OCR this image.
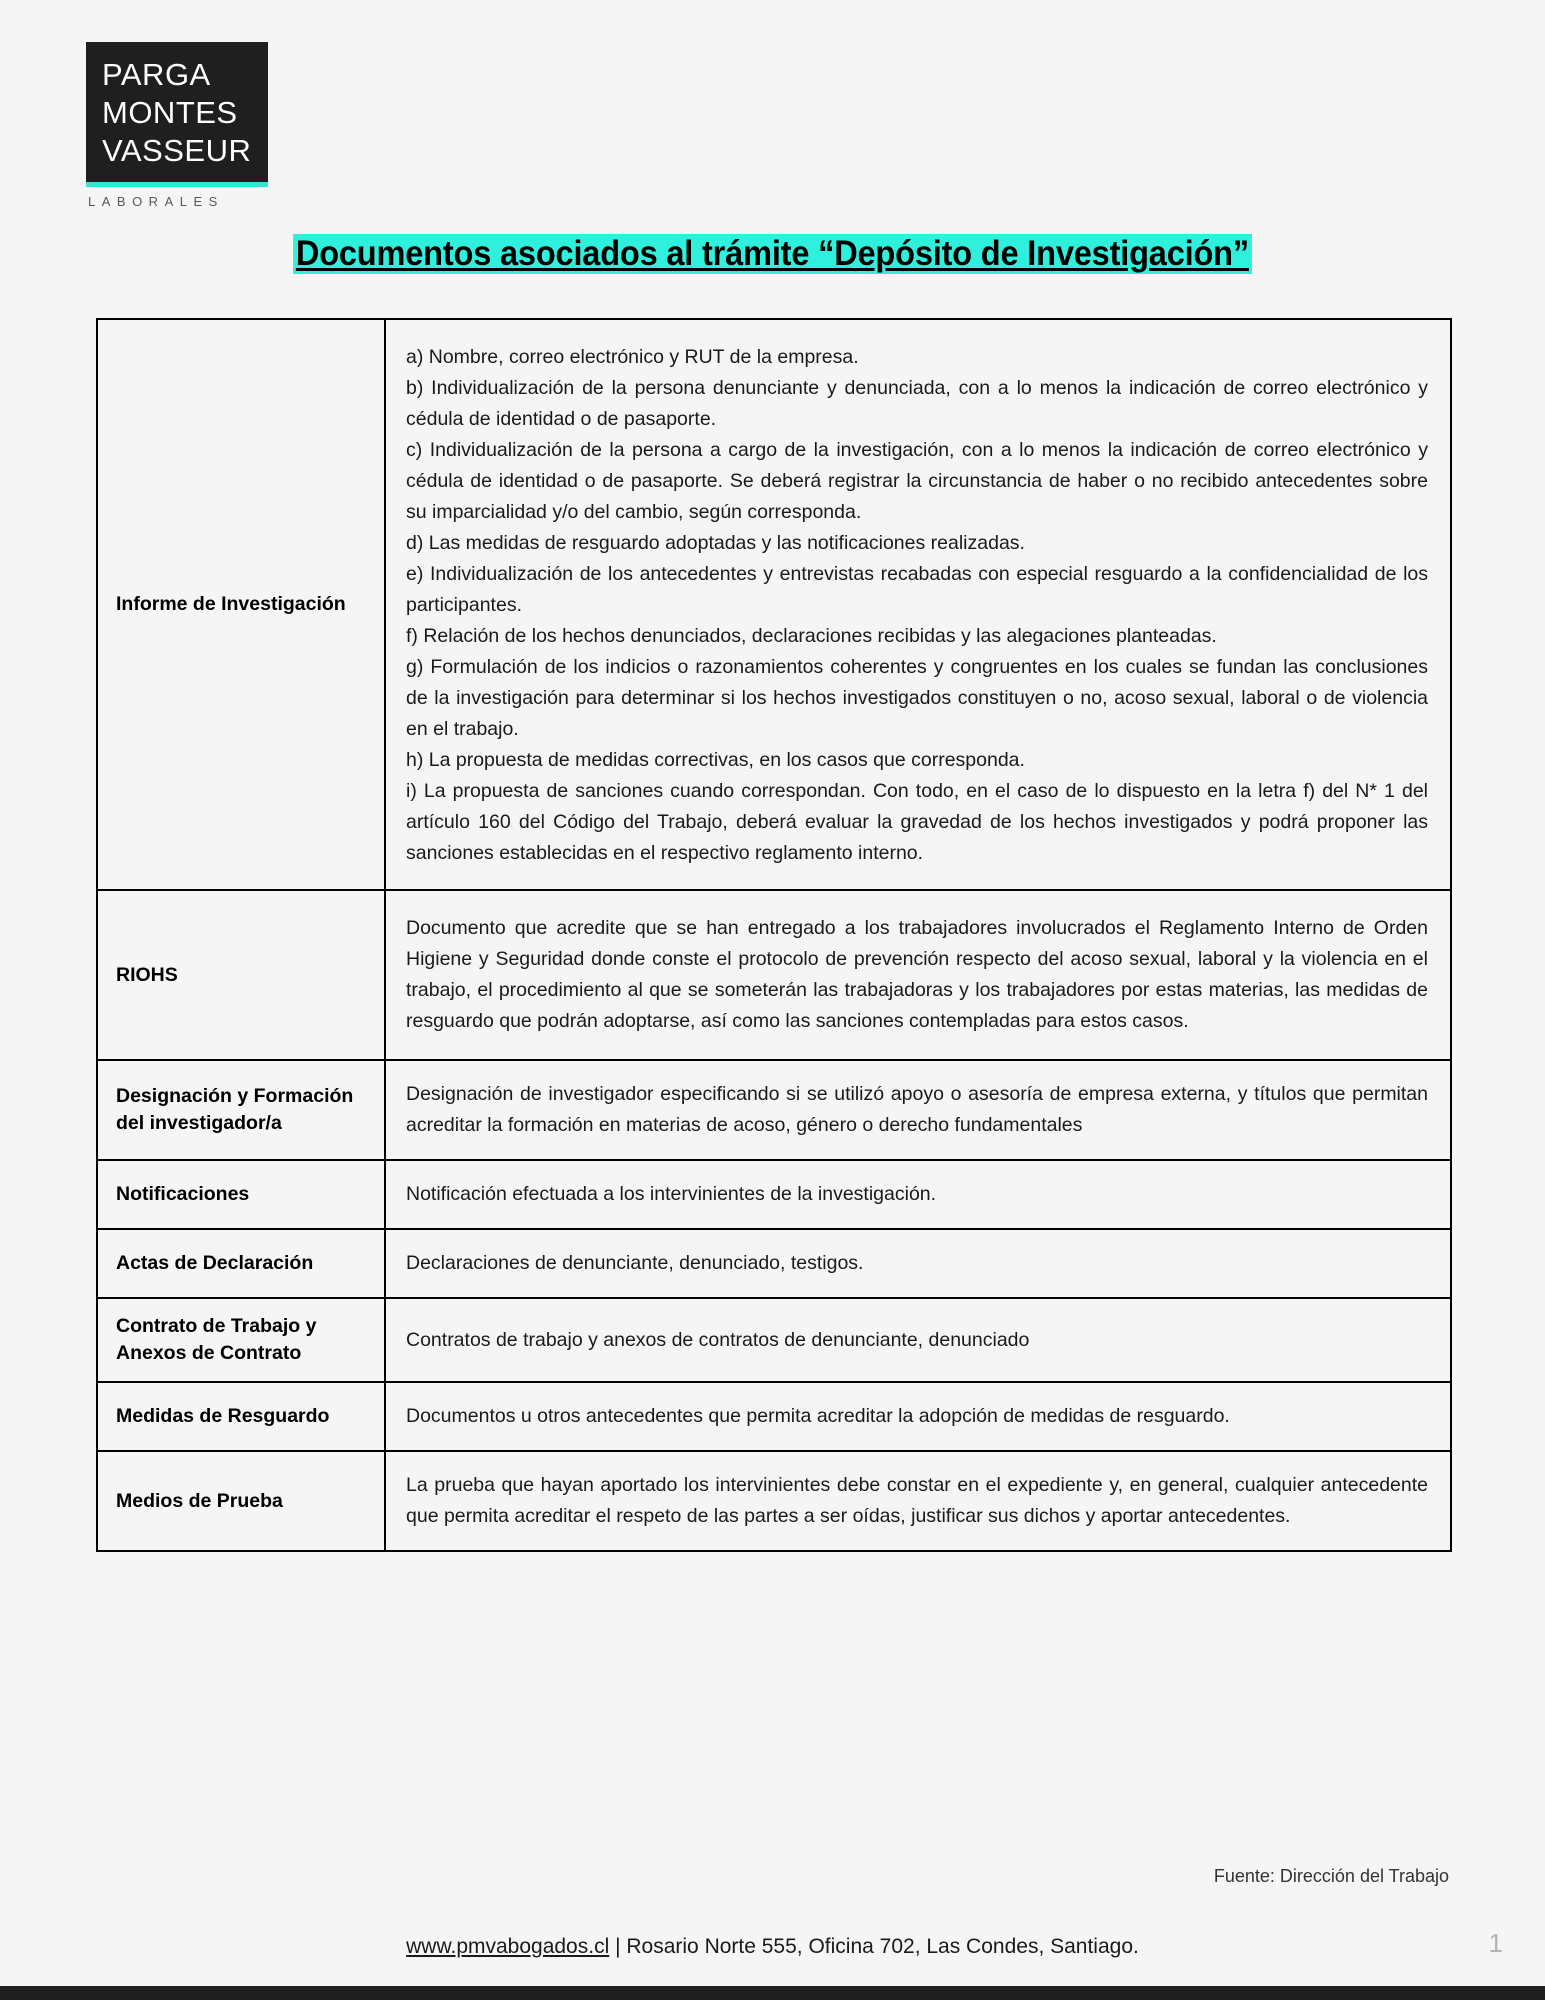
PARGA
MONTES
VASSEUR
LABORALES
Documentos asociados al trámite “Depósito de Investigación”
Informe de Investigación	

a) Nombre, correo electrónico y RUT de la empresa.

b) Individualización de la persona denunciante y denunciada, con a lo menos la indicación de correo electrónico y cédula de identidad o de pasaporte.

c) Individualización de la persona a cargo de la investigación, con a lo menos la indicación de correo electrónico y cédula de identidad o de pasaporte. Se deberá registrar la circunstancia de haber o no recibido antecedentes sobre su imparcialidad y/o del cambio, según corresponda.

d) Las medidas de resguardo adoptadas y las notificaciones realizadas.

e) Individualización de los antecedentes y entrevistas recabadas con especial resguardo a la confidencialidad de los participantes.

f) Relación de los hechos denunciados, declaraciones recibidas y las alegaciones planteadas.

g) Formulación de los indicios o razonamientos coherentes y congruentes en los cuales se fundan las conclusiones de la investigación para determinar si los hechos investigados constituyen o no, acoso sexual, laboral o de violencia en el trabajo.

h) La propuesta de medidas correctivas, en los casos que corresponda.

i) La propuesta de sanciones cuando correspondan. Con todo, en el caso de lo dispuesto en la letra f) del N* 1 del artículo 160 del Código del Trabajo, deberá evaluar la gravedad de los hechos investigados y podrá proponer las sanciones establecidas en el respectivo reglamento interno.

RIOHS	Documento que acredite que se han entregado a los trabajadores involucrados el Reglamento Interno de Orden Higiene y Seguridad donde conste el protocolo de prevención respecto del acoso sexual, laboral y la violencia en el trabajo, el procedimiento al que se someterán las trabajadoras y los trabajadores por estas materias, las medidas de resguardo que podrán adoptarse, así como las sanciones contempladas para estos casos.

Designación y Formación del investigador/a	Designación de investigador especificando si se utilizó apoyo o asesoría de empresa externa, y títulos que permitan acreditar la formación en materias de acoso, género o derecho fundamentales

Notificaciones	Notificación efectuada a los intervinientes de la investigación.

Actas de Declaración	Declaraciones de denunciante, denunciado, testigos.

Contrato de Trabajo y Anexos de Contrato	Contratos de trabajo y anexos de contratos de denunciante, denunciado

Medidas de Resguardo	Documentos u otros antecedentes que permita acreditar la adopción de medidas de resguardo.

Medios de Prueba	La prueba que hayan aportado los intervinientes debe constar en el expediente y, en general, cualquier antecedente que permita acreditar el respeto de las partes a ser oídas, justificar sus dichos y aportar antecedentes.

Fuente: Dirección del Trabajo
www.pmvabogados.cl | Rosario Norte 555, Oficina 702, Las Condes, Santiago.	1
